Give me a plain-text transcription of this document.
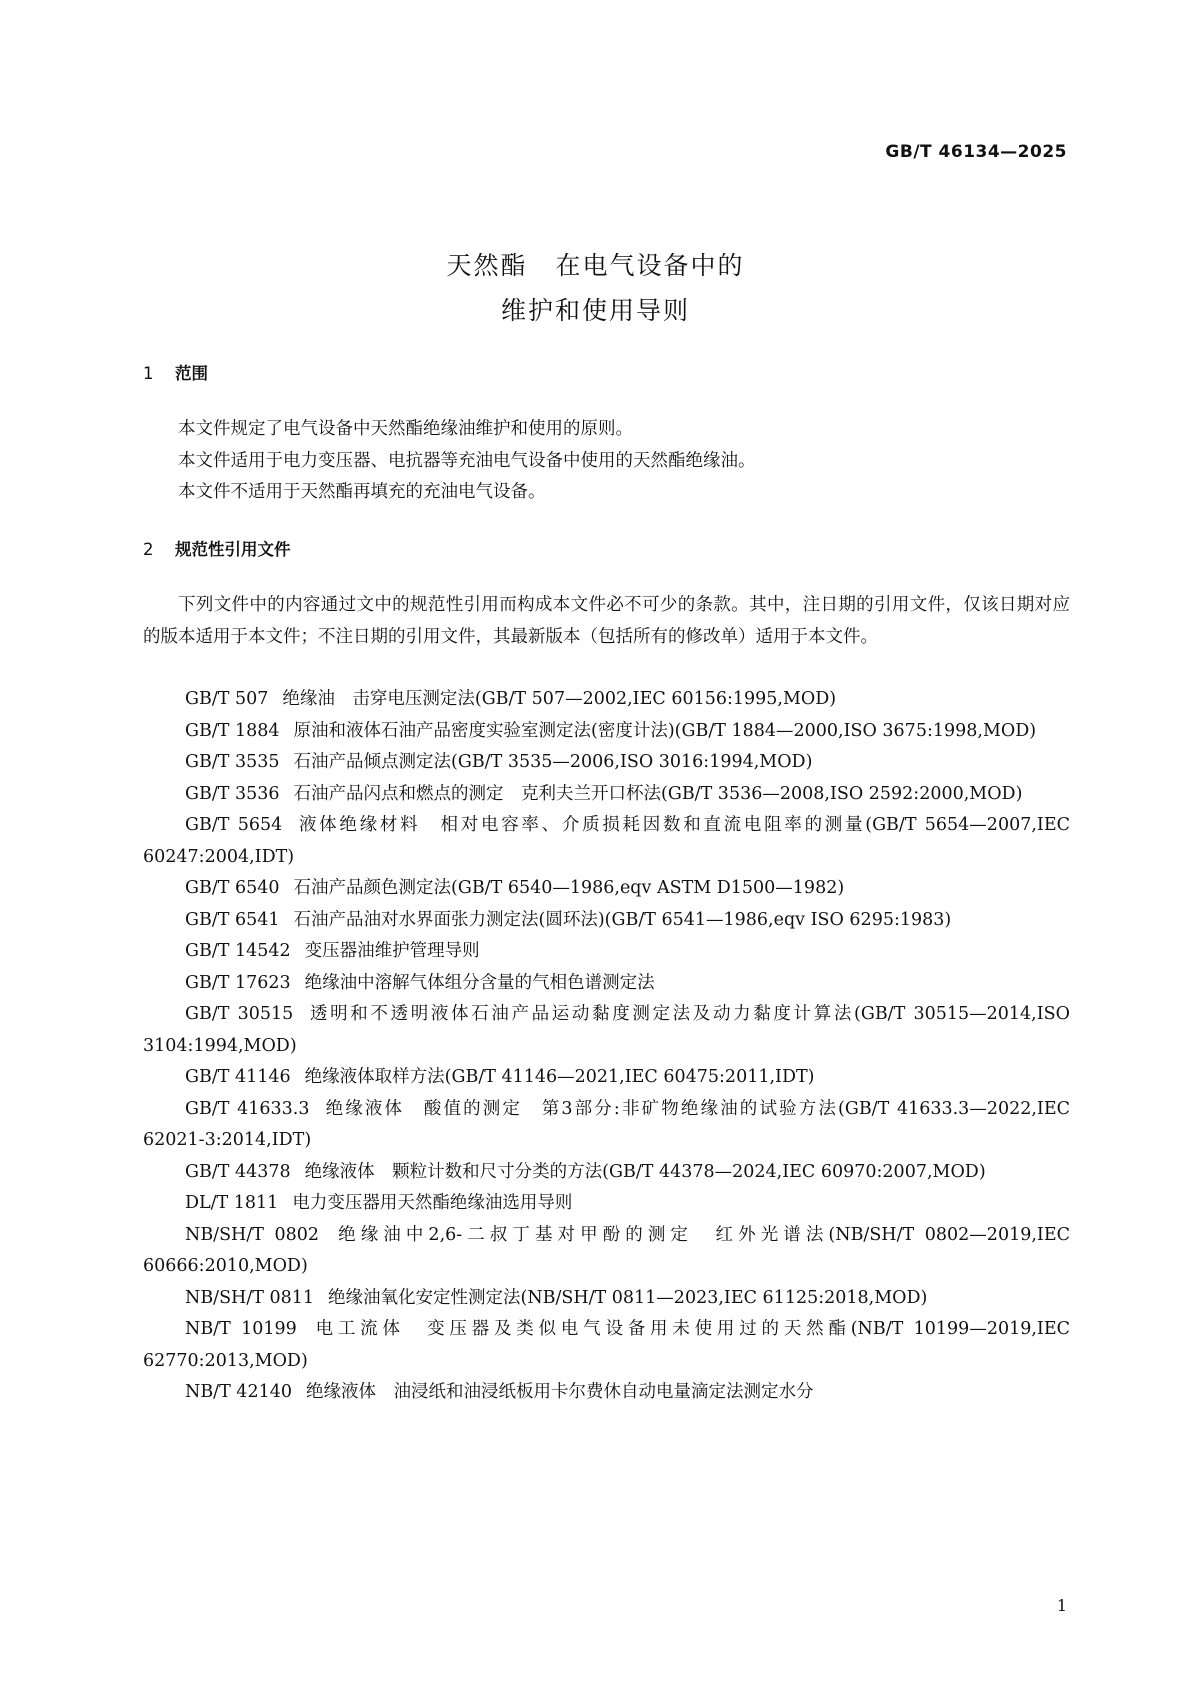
GB/T 46134—2025
天然酯 在电气设备中的
维护和使用导则
1 范围

本文件规定了电气设备中天然酯绝缘油维护和使用的原则。

本文件适用于电力变压器、电抗器等充油电气设备中使用的天然酯绝缘油。

本文件不适用于天然酯再填充的充油电气设备。

2 规范性引用文件

下列文件中的内容通过文中的规范性引用而构成本文件必不可少的条款。其中，注日期的引用文件，仅该日期对应的版本适用于本文件；不注日期的引用文件，其最新版本（包括所有的修改单）适用于本文件。

GB/T 507 绝缘油　击穿电压测定法(GB/T 507—2002,IEC 60156:1995,MOD)
GB/T 1884 原油和液体石油产品密度实验室测定法(密度计法)(GB/T 1884—2000,ISO 3675:1998,MOD)
GB/T 3535 石油产品倾点测定法(GB/T 3535—2006,ISO 3016:1994,MOD)
GB/T 3536 石油产品闪点和燃点的测定　克利夫兰开口杯法(GB/T 3536—2008,ISO 2592:2000,MOD)
GB/T 5654 液体绝缘材料　相对电容率、介质损耗因数和直流电阻率的测量(GB/T 5654—2007,IEC 60247:2004,IDT)
GB/T 6540 石油产品颜色测定法(GB/T 6540—1986,eqv ASTM D1500—1982)
GB/T 6541 石油产品油对水界面张力测定法(圆环法)(GB/T 6541—1986,eqv ISO 6295:1983)
GB/T 14542 变压器油维护管理导则
GB/T 17623 绝缘油中溶解气体组分含量的气相色谱测定法
GB/T 30515 透明和不透明液体石油产品运动黏度测定法及动力黏度计算法(GB/T 30515—2014,ISO 3104:1994,MOD)
GB/T 41146 绝缘液体取样方法(GB/T 41146—2021,IEC 60475:2011,IDT)
GB/T 41633.3 绝缘液体　酸值的测定　第3部分:非矿物绝缘油的试验方法(GB/T 41633.3—2022,IEC 62021-3:2014,IDT)
GB/T 44378 绝缘液体　颗粒计数和尺寸分类的方法(GB/T 44378—2024,IEC 60970:2007,MOD)
DL/T 1811 电力变压器用天然酯绝缘油选用导则
NB/SH/T 0802 绝缘油中2,6-二叔丁基对甲酚的测定　红外光谱法(NB/SH/T 0802—2019,IEC 60666:2010,MOD)
NB/SH/T 0811 绝缘油氧化安定性测定法(NB/SH/T 0811—2023,IEC 61125:2018,MOD)
NB/T 10199 电工流体　变压器及类似电气设备用未使用过的天然酯(NB/T 10199—2019,IEC 62770:2013,MOD)
NB/T 42140 绝缘液体　油浸纸和油浸纸板用卡尔费休自动电量滴定法测定水分
1
